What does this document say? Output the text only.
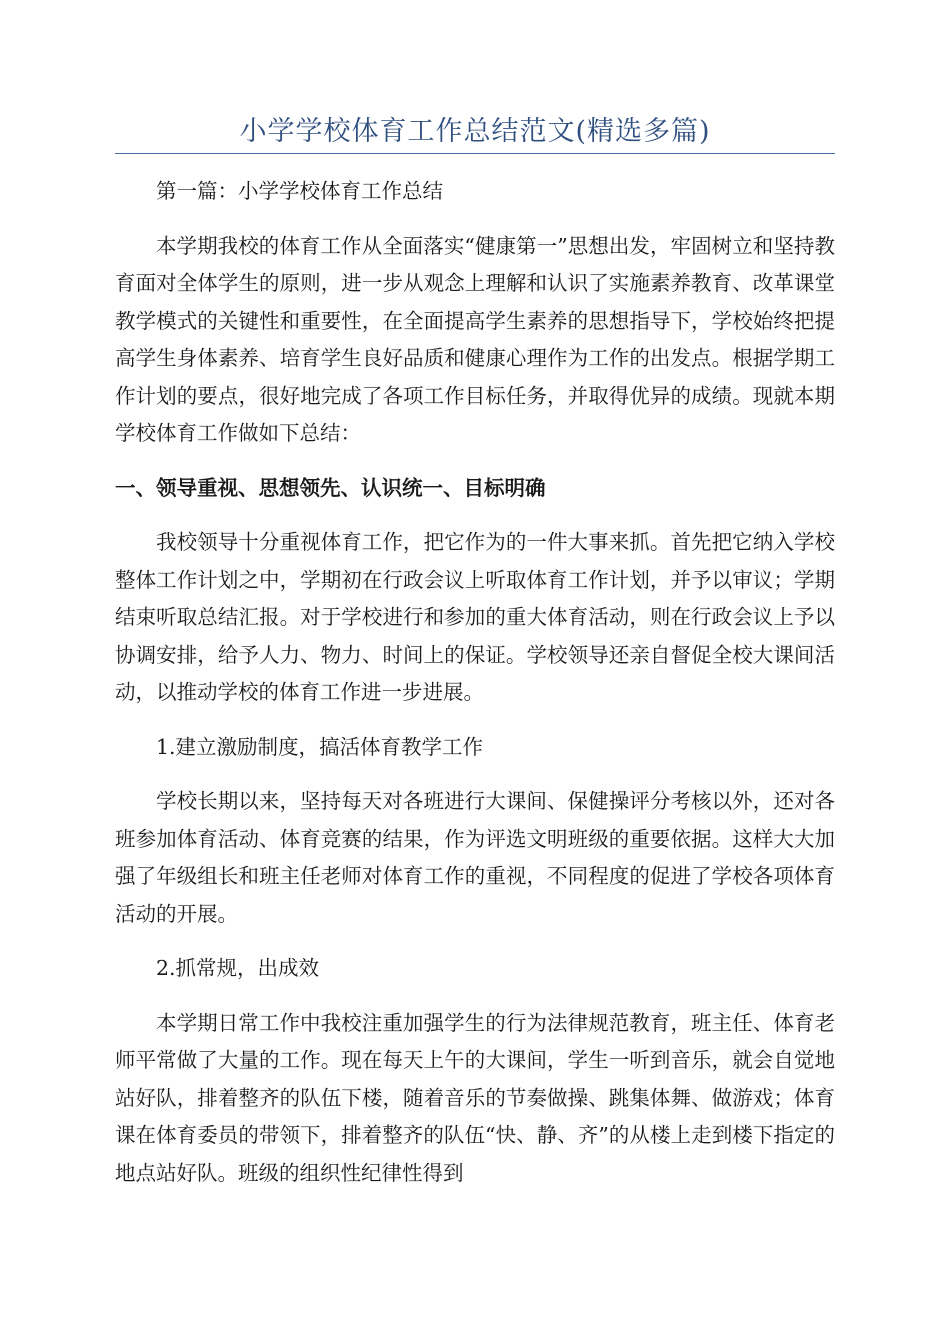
小学学校体育工作总结范文(精选多篇)

第一篇：小学学校体育工作总结

本学期我校的体育工作从全面落实“健康第一”思想出发，牢固树立和坚持教育面对全体学生的原则，进一步从观念上理解和认识了实施素养教育、改革课堂教学模式的关键性和重要性，在全面提高学生素养的思想指导下，学校始终把提高学生身体素养、培育学生良好品质和健康心理作为工作的出发点。根据学期工作计划的要点，很好地完成了各项工作目标任务，并取得优异的成绩。现就本期学校体育工作做如下总结：

一、领导重视、思想领先、认识统一、目标明确

我校领导十分重视体育工作，把它作为的一件大事来抓。首先把它纳入学校整体工作计划之中，学期初在行政会议上听取体育工作计划，并予以审议；学期结束听取总结汇报。对于学校进行和参加的重大体育活动，则在行政会议上予以协调安排，给予人力、物力、时间上的保证。学校领导还亲自督促全校大课间活动，以推动学校的体育工作进一步进展。

1.建立激励制度，搞活体育教学工作

学校长期以来，坚持每天对各班进行大课间、保健操评分考核以外，还对各班参加体育活动、体育竞赛的结果，作为评选文明班级的重要依据。这样大大加强了年级组长和班主任老师对体育工作的重视，不同程度的促进了学校各项体育活动的开展。

2.抓常规，出成效

本学期日常工作中我校注重加强学生的行为法律规范教育，班主任、体育老师平常做了大量的工作。现在每天上午的大课间，学生一听到音乐，就会自觉地站好队，排着整齐的队伍下楼，随着音乐的节奏做操、跳集体舞、做游戏；体育课在体育委员的带领下，排着整齐的队伍“快、静、齐”的从楼上走到楼下指定的地点站好队。班级的组织性纪律性得到
